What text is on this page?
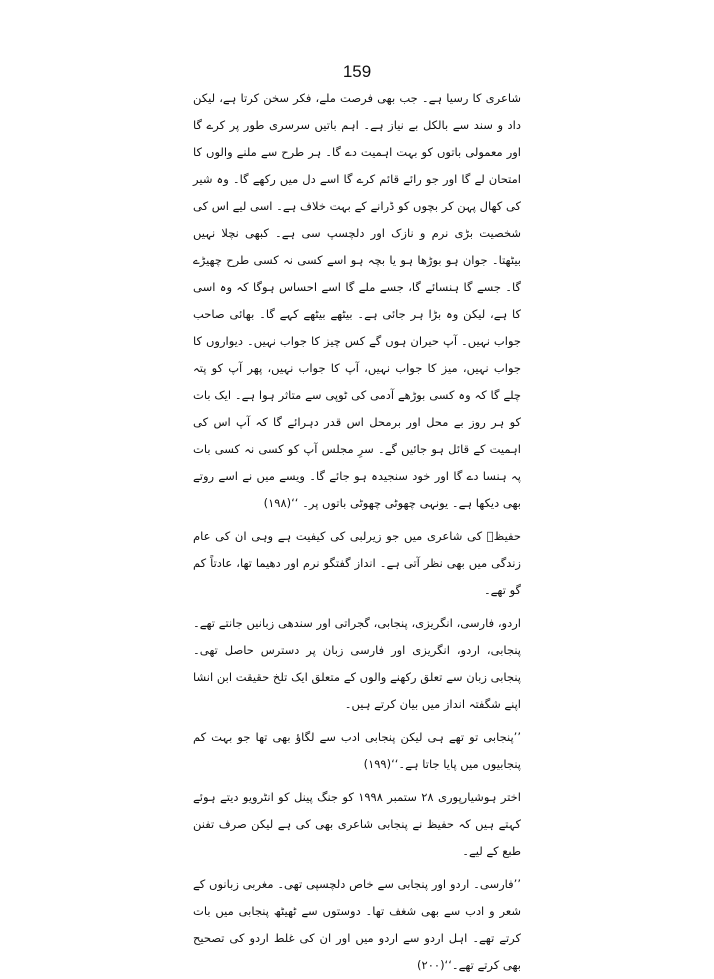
159

شاعری کا رسیا ہے۔ جب بھی فرصت ملے، فکر سخن کرتا ہے، لیکن داد و سند سے بالکل بے نیاز ہے۔ اہم باتیں سرسری طور پر کرے گا اور معمولی باتوں کو بہت اہمیت دے گا۔ ہر طرح سے ملنے والوں کا امتحان لے گا اور جو رائے قائم کرے گا اسے دل میں رکھے گا۔ وہ شیر کی کھال پہن کر بچوں کو ڈرانے کے بہت خلاف ہے۔ اسی لیے اس کی شخصیت بڑی نرم و نازک اور دلچسپ سی ہے۔ کبھی نچلا نہیں بیٹھتا۔ جوان ہو بوڑھا ہو یا بچہ ہو اسے کسی نہ کسی طرح چھیڑے گا۔ جسے گا ہنسائے گا، جسے ملے گا اسے احساس ہوگا کہ وہ اسی کا ہے، لیکن وہ بڑا ہر جائی ہے۔ بیٹھے بیٹھے کہے گا۔ بھائی صاحب جواب نہیں۔ آپ حیران ہوں گے کس چیز کا جواب نہیں۔ دیواروں کا جواب نہیں، میز کا جواب نہیں، آپ کا جواب نہیں، پھر آپ کو پتہ چلے گا کہ وہ کسی بوڑھے آدمی کی ٹوپی سے متاثر ہوا ہے۔ ایک بات کو ہر روز بے محل اور برمحل اس قدر دہرائے گا کہ آپ اس کی اہمیت کے قائل ہو جائیں گے۔ سرِ مجلس آپ کو کسی نہ کسی بات پہ ہنسا دے گا اور خود سنجیدہ ہو جائے گا۔ ویسے میں نے اسے روتے بھی دیکھا ہے۔ یونہی چھوٹی چھوٹی باتوں پر۔ ‘‘(۱۹۸)

حفیظؔ کی شاعری میں جو زیرلبی کی کیفیت ہے وہی ان کی عام زندگی میں بھی نظر آتی ہے۔ انداز گفتگو نرم اور دھیما تھا، عادتاً کم گو تھے۔

اردو، فارسی، انگریزی، پنجابی، گجراتی اور سندھی زبانیں جانتے تھے۔ پنجابی، اردو، انگریزی اور فارسی زبان پر دسترس حاصل تھی۔ پنجابی زبان سے تعلق رکھنے والوں کے متعلق ایک تلخ حقیقت ابن انشا اپنے شگفتہ انداز میں بیان کرتے ہیں۔

’’پنجابی تو تھے ہی لیکن پنجابی ادب سے لگاؤ بھی تھا جو بہت کم پنجابیوں میں پایا جاتا ہے۔‘‘(۱۹۹)

اختر ہوشیارپوری ۲۸ ستمبر ۱۹۹۸ کو جنگ پینل کو انٹرویو دیتے ہوئے کہتے ہیں کہ حفیظ نے پنجابی شاعری بھی کی ہے لیکن صرف تفنن طبع کے لیے۔

’’فارسی۔ اردو اور پنجابی سے خاص دلچسپی تھی۔ مغربی زبانوں کے شعر و ادب سے بھی شغف تھا۔ دوستوں سے ٹھیٹھ پنجابی میں بات کرتے تھے۔ اہل اردو سے اردو میں اور ان کی غلط اردو کی تصحیح بھی کرتے تھے۔‘‘(۲۰۰)
